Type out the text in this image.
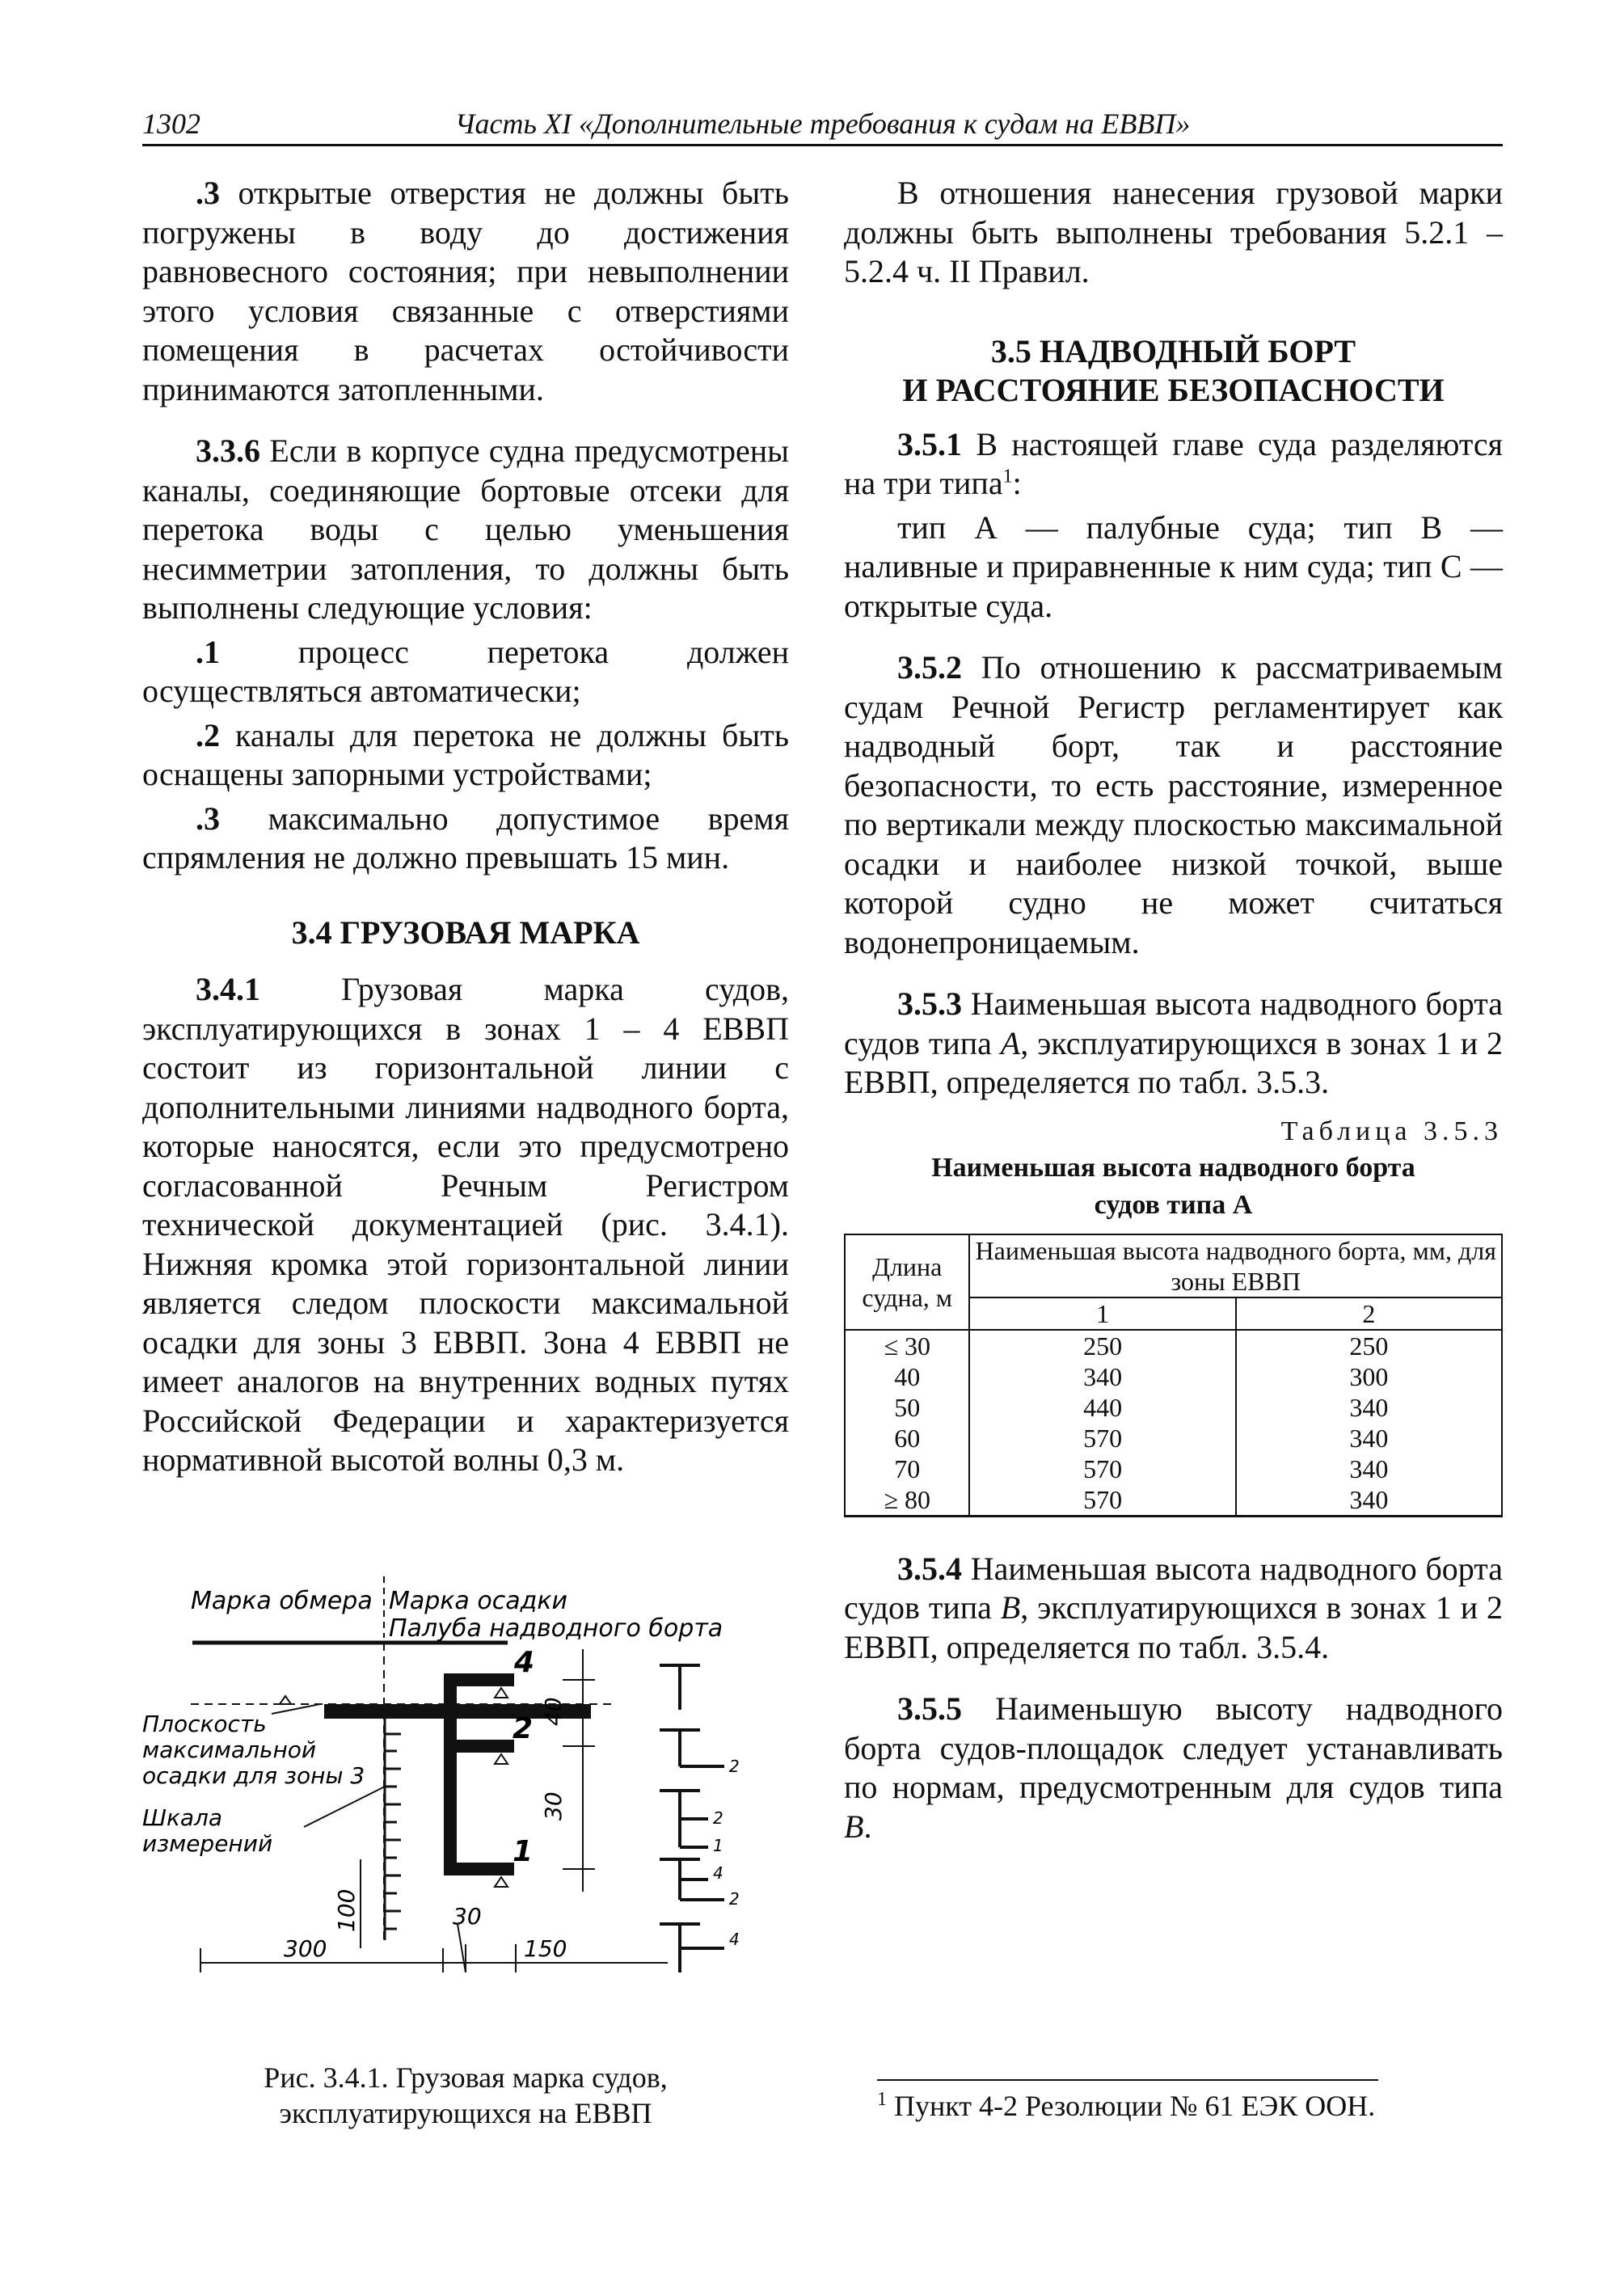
1302	Часть XI «Дополнительные требования к судам на ЕВВП»

.3 открытые отверстия не должны быть погружены в воду до достижения равновесного состояния; при невыполнении этого условия связанные с отверстиями помещения в расчетах остойчивости принимаются затопленными.

3.3.6 Если в корпусе судна предусмотрены каналы, соединяющие бортовые отсеки для перетока воды с целью уменьшения несимметрии затопления, то должны быть выполнены следующие условия:

.1 процесс перетока должен осуществляться автоматически;

.2 каналы для перетока не должны быть оснащены запорными устройствами;

.3 максимально допустимое время спрямления не должно превышать 15 мин.

3.4 ГРУЗОВАЯ МАРКА

3.4.1 Грузовая марка судов, эксплуатирующихся в зонах 1 – 4 ЕВВП состоит из горизонтальной линии с дополнительными линиями надводного борта, которые наносятся, если это предусмотрено согласованной Речным Регистром технической документацией (рис. 3.4.1). Нижняя кромка этой горизонтальной линии является следом плоскости максимальной осадки для зоны 3 ЕВВП. Зона 4 ЕВВП не имеет аналогов на внутренних водных путях Российской Федерации и характеризуется нормативной высотой волны 0,3 м.

Марка обмера Марка осадки
Палуба надводного борта
Плоскость
максимальной
осадки для зоны 3
Шкала
измерений
4
2
1
40
30
100	30
300	150
2
2
1
4
2
4
Рис. 3.4.1. Грузовая марка судов, эксплуатирующихся на ЕВВП

В отношения нанесения грузовой марки должны быть выполнены требования 5.2.1 – 5.2.4 ч. II Правил.

3.5 НАДВОДНЫЙ БОРТ

И РАССТОЯНИЕ БЕЗОПАСНОСТИ

3.5.1 В настоящей главе суда разделяются на три типа$^1$:

тип А — палубные суда; тип В — наливные и приравненные к ним суда; тип С — открытые суда.

3.5.2 По отношению к рассматриваемым судам Речной Регистр регламентирует как надводный борт, так и расстояние безопасности, то есть расстояние, измеренное по вертикали между плоскостью максимальной осадки и наиболее низкой точкой, выше которой судно не может считаться водонепроницаемым.

3.5.3 Наименьшая высота надводного борта судов типа А, эксплуатирующихся в зонах 1 и 2 ЕВВП, определяется по табл. 3.5.3.

Таблица 3.5.3
Наименьшая высота надводного борта
судов типа А
Длина судна, м	Наименьшая высота надводного борта, мм, для зоны ЕВВП	
	1	2
≤ 30	250	250
40	340	300
50	440	340
60	570	340
70	570	340
≥ 80	570	340

3.5.4 Наименьшая высота надводного борта судов типа В, эксплуатирующихся в зонах 1 и 2 ЕВВП, определяется по табл. 3.5.4.

3.5.5 Наименьшую высоту надводного борта судов-площадок следует устанавливать по нормам, предусмотренным для судов типа В.

$^1$ Пункт 4-2 Резолюции № 61 ЕЭК ООН.
